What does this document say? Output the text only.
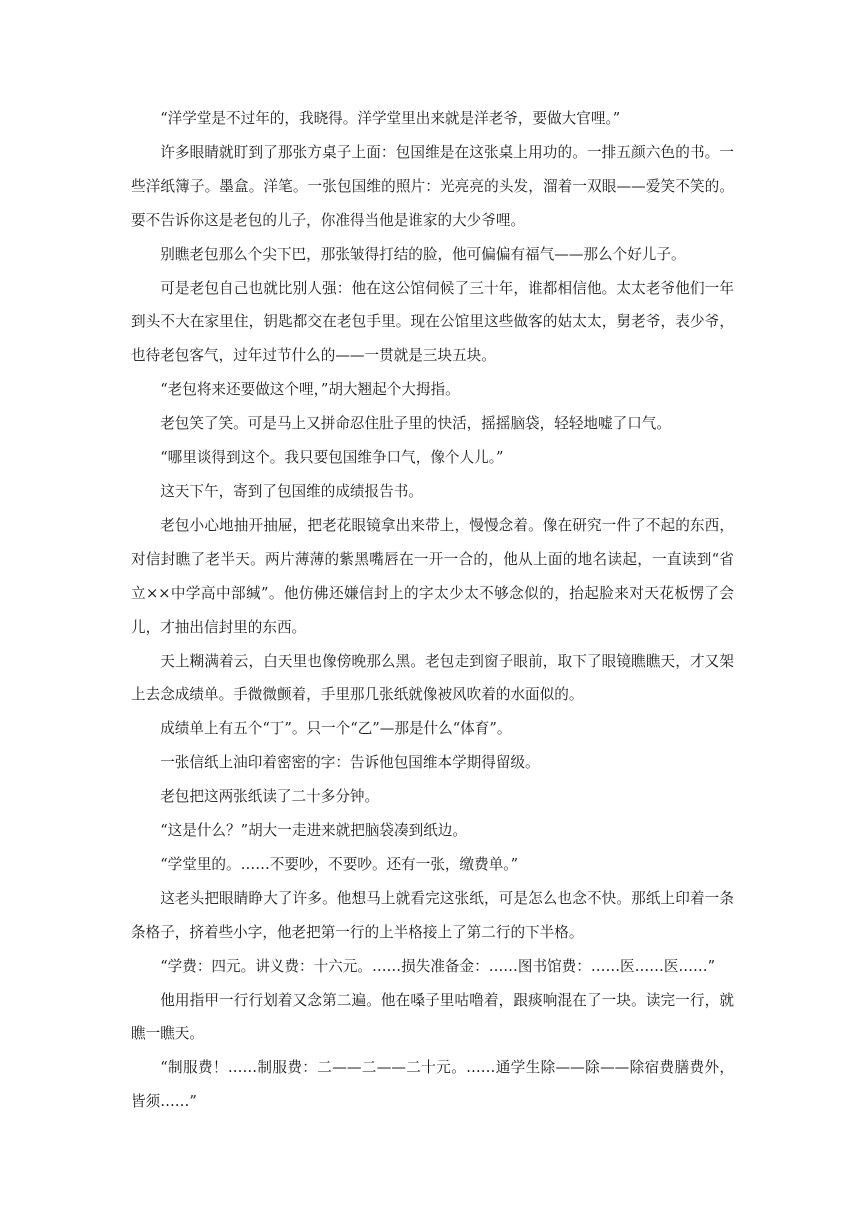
“洋学堂是不过年的，我晓得。洋学堂里出来就是洋老爷，要做大官哩。”

许多眼睛就盯到了那张方桌子上面：包国维是在这张桌上用功的。一排五颜六色的书。一些洋纸簿子。墨盒。洋笔。一张包国维的照片：光亮亮的头发，溜着一双眼——爱笑不笑的。要不告诉你这是老包的儿子，你准得当他是谁家的大少爷哩。

别瞧老包那么个尖下巴，那张皱得打结的脸，他可偏偏有福气——那么个好儿子。

可是老包自己也就比别人强：他在这公馆伺候了三十年，谁都相信他。太太老爷他们一年到头不大在家里住，钥匙都交在老包手里。现在公馆里这些做客的姑太太，舅老爷，表少爷，也待老包客气，过年过节什么的——一贯就是三块五块。

“老包将来还要做这个哩，”胡大翘起个大拇指。

老包笑了笑。可是马上又拼命忍住肚子里的快活，摇摇脑袋，轻轻地嘘了口气。

“哪里谈得到这个。我只要包国维争口气，像个人儿。”

这天下午，寄到了包国维的成绩报告书。

老包小心地抽开抽屉，把老花眼镜拿出来带上，慢慢念着。像在研究一件了不起的东西，对信封瞧了老半天。两片薄薄的紫黑嘴唇在一开一合的，他从上面的地名读起，一直读到“省立××中学高中部缄”。他仿佛还嫌信封上的字太少太不够念似的，抬起脸来对天花板愣了会儿，才抽出信封里的东西。

天上糊满着云，白天里也像傍晚那么黑。老包走到窗子眼前，取下了眼镜瞧瞧天，才又架上去念成绩单。手微微颤着，手里那几张纸就像被风吹着的水面似的。

成绩单上有五个“丁”。只一个“乙”—那是什么“体育”。

一张信纸上油印着密密的字：告诉他包国维本学期得留级。

老包把这两张纸读了二十多分钟。

“这是什么？”胡大一走进来就把脑袋凑到纸边。

“学堂里的。……不要吵，不要吵。还有一张，缴费单。”

这老头把眼睛睁大了许多。他想马上就看完这张纸，可是怎么也念不快。那纸上印着一条条格子，挤着些小字，他老把第一行的上半格接上了第二行的下半格。

“学费：四元。讲义费：十六元。……损失准备金：……图书馆费：……医……医……”

他用指甲一行行划着又念第二遍。他在嗓子里咕噜着，跟痰响混在了一块。读完一行，就瞧一瞧天。

“制服费！……制服费：二——二——二十元。……通学生除——除——除宿费膳费外，皆须……”
